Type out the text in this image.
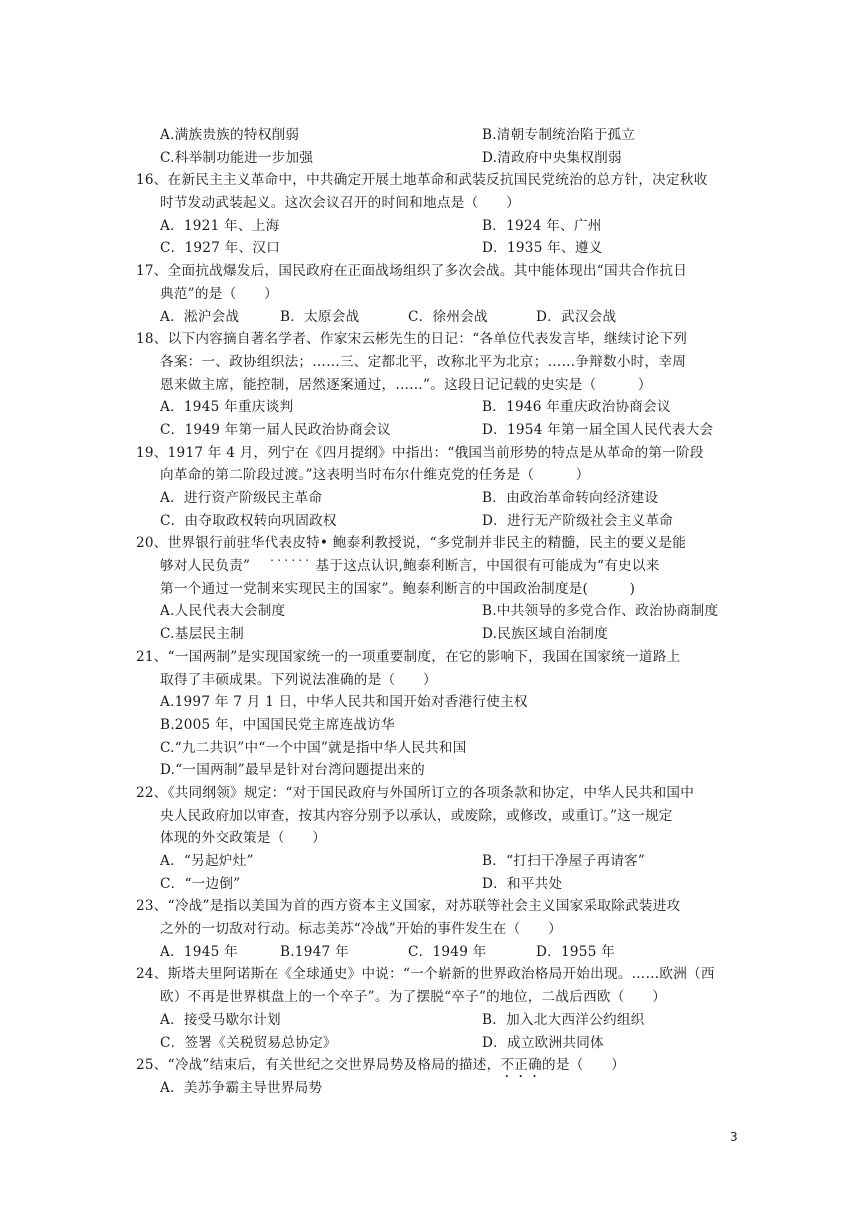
A.满族贵族的特权削弱	B.清朝专制统治陷于孤立
C.科举制功能进一步加强	D.清政府中央集权削弱
16、在新民主主义革命中，中共确定开展土地革命和武装反抗国民党统治的总方针，决定秋收
时节发动武装起义。这次会议召开的时间和地点是（　　）
A．1921 年、上海	B．1924 年、广州
C．1927 年、汉口	D．1935 年、遵义
17、全面抗战爆发后，国民政府在正面战场组织了多次会战。其中能体现出“国共合作抗日
典范”的是（　　）
A．淞沪会战	B．太原会战	C．徐州会战	D．武汉会战
18、以下内容摘自著名学者、作家宋云彬先生的日记：“各单位代表发言毕，继续讨论下列
各案：一、政协组织法；……三、定都北平，改称北平为北京；……争辩数小时，幸周
恩来做主席，能控制，居然逐案通过，……”。这段日记记载的史实是（　　　）
A．1945 年重庆谈判	B．1946 年重庆政治协商会议
C．1949 年第一届人民政治协商会议	D．1954 年第一届全国人民代表大会
19、1917 年 4 月，列宁在《四月提纲》中指出：“俄国当前形势的特点是从革命的第一阶段
向革命的第二阶段过渡。”这表明当时布尔什维克党的任务是（　　　）
A．进行资产阶级民主革命	B．由政治革命转向经济建设
C．由夺取政权转向巩固政权	D．进行无产阶级社会主义革命
20、世界银行前驻华代表皮特• 鲍泰利教授说，“多党制并非民主的精髓，民主的要义是能
够对人民负责”　 ˙˙˙˙˙˙ 基于这点认识,鲍泰利断言，中国很有可能成为“有史以来
第一个通过一党制来实现民主的国家”。鲍泰利断言的中国政治制度是(　　　)
A.人民代表大会制度	B.中共领导的多党合作、政治协商制度
C.基层民主制	D.民族区域自治制度
21、“一国两制”是实现国家统一的一项重要制度，在它的影响下，我国在国家统一道路上
取得了丰硕成果。下列说法准确的是（　　）
A.1997 年 7 月 1 日，中华人民共和国开始对香港行使主权
B.2005 年，中国国民党主席连战访华
C.“九二共识”中“一个中国”就是指中华人民共和国
D.“一国两制”最早是针对台湾问题提出来的
22、《共同纲领》规定：“对于国民政府与外国所订立的各项条款和协定，中华人民共和国中
央人民政府加以审查，按其内容分别予以承认，或废除，或修改，或重订。”这一规定
体现的外交政策是（　　）
A．“另起炉灶”	B．“打扫干净屋子再请客”
C．“一边倒”	D．和平共处
23、“冷战”是指以美国为首的西方资本主义国家，对苏联等社会主义国家采取除武装进攻
之外的一切敌对行动。标志美苏“冷战”开始的事件发生在（　　）
A．1945 年	B.1947 年	C．1949 年	D．1955 年
24、斯塔夫里阿诺斯在《全球通史》中说：“一个崭新的世界政治格局开始出现。……欧洲（西
欧）不再是世界棋盘上的一个卒子”。为了摆脱“卒子”的地位，二战后西欧（　　）
A．接受马歇尔计划	B．加入北大西洋公约组织
C．签署《关税贸易总协定》	D．成立欧洲共同体
25、“冷战”结束后，有关世纪之交世界局势及格局的描述，不正确的是（　　）
A．美苏争霸主导世界局势
3
